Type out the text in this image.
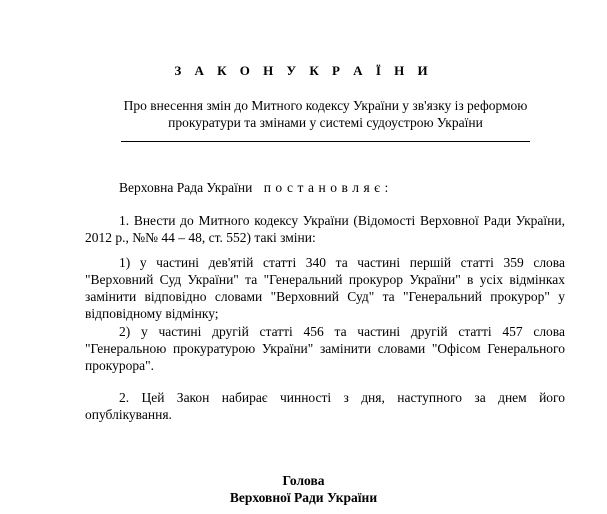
З А К О Н У К Р А Ї Н И
Про внесення змін до Митного кодексу України у зв'язку із реформою прокуратури та змінами у системі судоустрою України
Верховна Рада України постановляє:
1. Внести до Митного кодексу України (Відомості Верховної Ради України, 2012 р., №№ 44 – 48, ст. 552) такі зміни:
1) у частині дев'ятій статті 340 та частині першій статті 359 слова "Верховний Суд України" та "Генеральний прокурор України" в усіх відмінках замінити відповідно словами "Верховний Суд" та "Генеральний прокурор" у відповідному відмінку;
2) у частині другій статті 456 та частині другій статті 457 слова "Генеральною прокуратурою України" замінити словами "Офісом Генерального прокурора".
2. Цей Закон набирає чинності з дня, наступного за днем його опублікування.
Голова
Верховної Ради України
